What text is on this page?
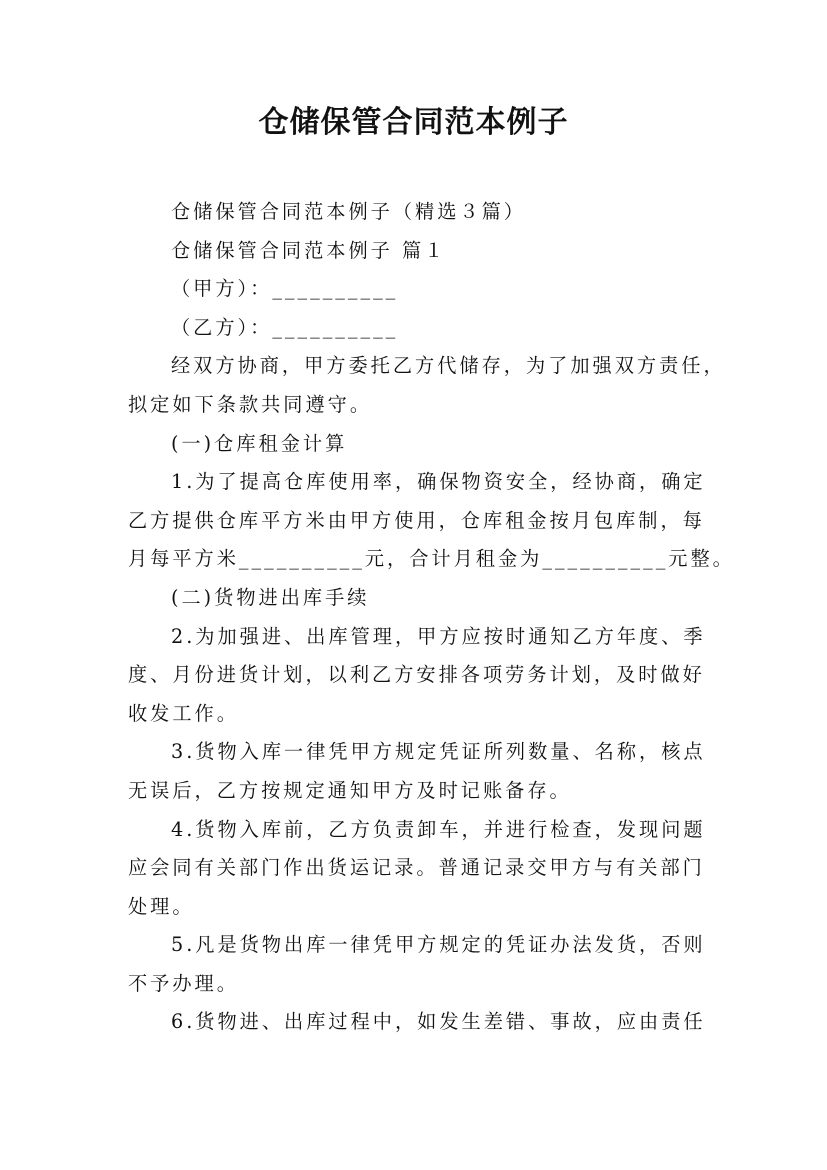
仓储保管合同范本例子

仓储保管合同范本例子（精选３篇）

仓储保管合同范本例子 篇１

（甲方）：__________

（乙方）：__________

经双方协商，甲方委托乙方代储存，为了加强双方责任，

拟定如下条款共同遵守。

(一)仓库租金计算

1.为了提高仓库使用率，确保物资安全，经协商，确定

乙方提供仓库平方米由甲方使用，仓库租金按月包库制，每

月每平方米__________元，合计月租金为__________元整。

(二)货物进出库手续

2.为加强进、出库管理，甲方应按时通知乙方年度、季

度、月份进货计划，以利乙方安排各项劳务计划，及时做好

收发工作。

3.货物入库一律凭甲方规定凭证所列数量、名称，核点

无误后，乙方按规定通知甲方及时记账备存。

4.货物入库前，乙方负责卸车，并进行检查，发现问题

应会同有关部门作出货运记录。普通记录交甲方与有关部门

处理。

5.凡是货物出库一律凭甲方规定的凭证办法发货，否则

不予办理。

6.货物进、出库过程中，如发生差错、事故，应由责任
